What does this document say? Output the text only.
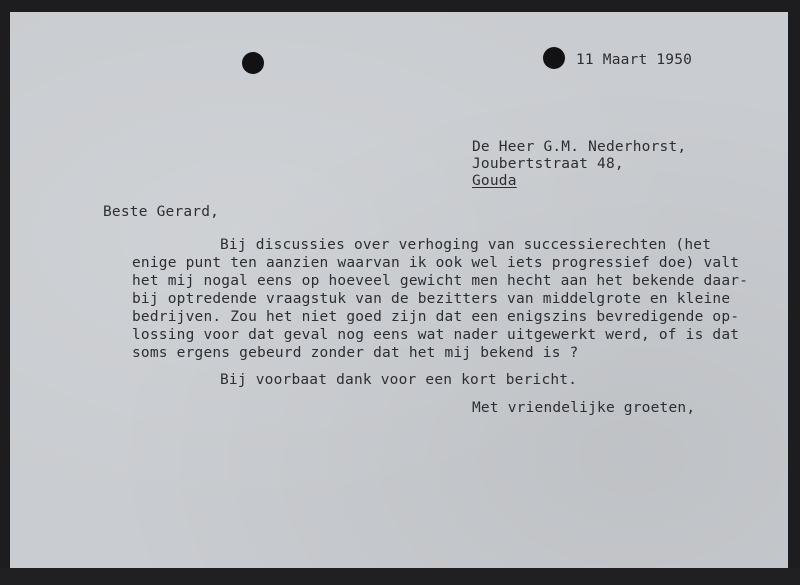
11 Maart 1950
De Heer G.M. Nederhorst,
Joubertstraat 48,
Gouda
Beste Gerard,
Bij discussies over verhoging van successierechten (het
enige punt ten aanzien waarvan ik ook wel iets progressief doe) valt
het mij nogal eens op hoeveel gewicht men hecht aan het bekende daar-
bij optredende vraagstuk van de bezitters van middelgrote en kleine
bedrijven. Zou het niet goed zijn dat een enigszins bevredigende op-
lossing voor dat geval nog eens wat nader uitgewerkt werd, of is dat
soms ergens gebeurd zonder dat het mij bekend is ?
Bij voorbaat dank voor een kort bericht.
Met vriendelijke groeten,
